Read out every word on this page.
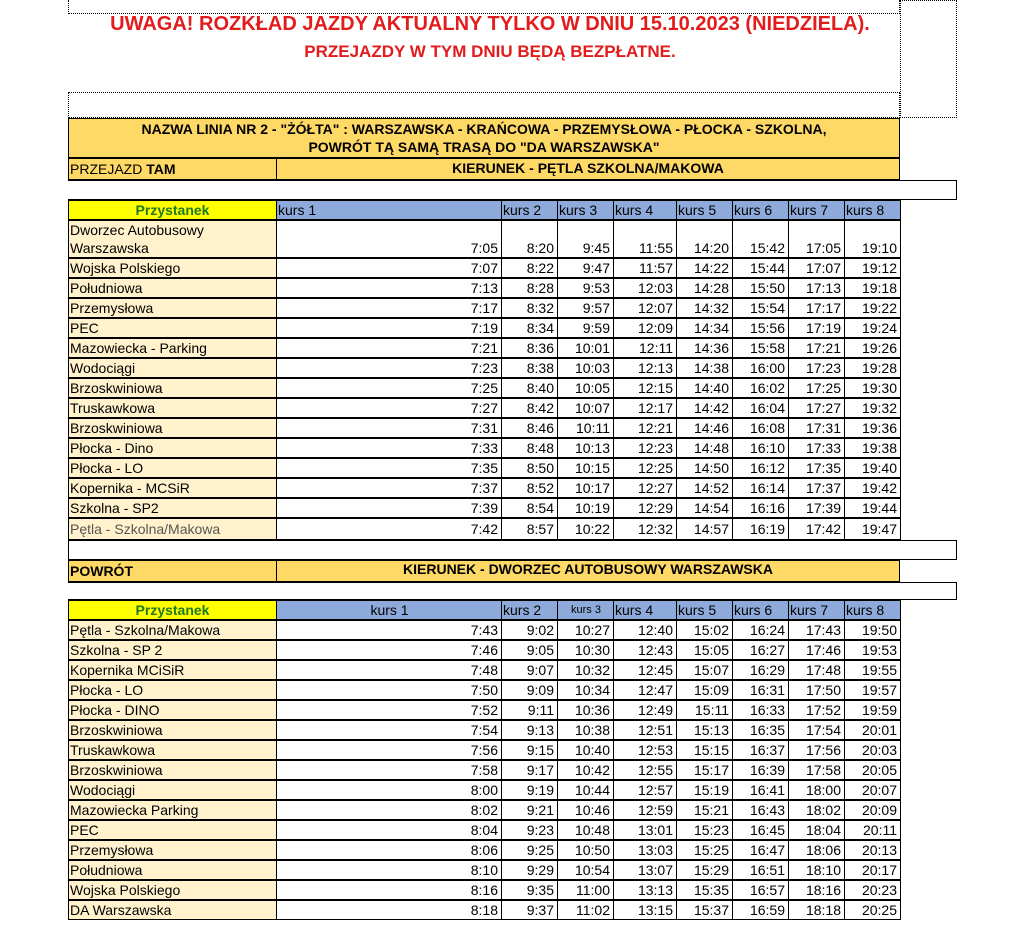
UWAGA! ROZKŁAD JAZDY AKTUALNY TYLKO W DNIU 15.10.2023 (NIEDZIELA).
PRZEJAZDY W TYM DNIU BĘDĄ BEZPŁATNE.
NAZWA LINIA NR 2 - "ŻÓŁTA" : WARSZAWSKA - KRAŃCOWA - PRZEMYSŁOWA - PŁOCKA - SZKOLNA, POWRÓT TĄ SAMĄ TRASĄ DO "DA WARSZAWSKA"
PRZEJAZD TAM	KIERUNEK - PĘTLA SZKOLNA/MAKOWA
Przystanek	kurs 1	kurs 2	kurs 3	kurs 4	kurs 5	kurs 6	kurs 7	kurs 8
Dworzec Autobusowy Warszawska	7:05	8:20	9:45	11:55	14:20	15:42	17:05	19:10
Wojska Polskiego	7:07	8:22	9:47	11:57	14:22	15:44	17:07	19:12
Południowa	7:13	8:28	9:53	12:03	14:28	15:50	17:13	19:18
Przemysłowa	7:17	8:32	9:57	12:07	14:32	15:54	17:17	19:22
PEC	7:19	8:34	9:59	12:09	14:34	15:56	17:19	19:24
Mazowiecka - Parking	7:21	8:36	10:01	12:11	14:36	15:58	17:21	19:26
Wodociągi	7:23	8:38	10:03	12:13	14:38	16:00	17:23	19:28
Brzoskwiniowa	7:25	8:40	10:05	12:15	14:40	16:02	17:25	19:30
Truskawkowa	7:27	8:42	10:07	12:17	14:42	16:04	17:27	19:32
Brzoskwiniowa	7:31	8:46	10:11	12:21	14:46	16:08	17:31	19:36
Płocka - Dino	7:33	8:48	10:13	12:23	14:48	16:10	17:33	19:38
Płocka - LO	7:35	8:50	10:15	12:25	14:50	16:12	17:35	19:40
Kopernika - MCSiR	7:37	8:52	10:17	12:27	14:52	16:14	17:37	19:42
Szkolna - SP2	7:39	8:54	10:19	12:29	14:54	16:16	17:39	19:44
Pętla - Szkolna/Makowa	7:42	8:57	10:22	12:32	14:57	16:19	17:42	19:47
POWRÓT	KIERUNEK - DWORZEC AUTOBUSOWY WARSZAWSKA
Przystanek	kurs 1	kurs 2	kurs 3	kurs 4	kurs 5	kurs 6	kurs 7	kurs 8
Pętla - Szkolna/Makowa	7:43	9:02	10:27	12:40	15:02	16:24	17:43	19:50
Szkolna - SP 2	7:46	9:05	10:30	12:43	15:05	16:27	17:46	19:53
Kopernika MCiSiR	7:48	9:07	10:32	12:45	15:07	16:29	17:48	19:55
Płocka - LO	7:50	9:09	10:34	12:47	15:09	16:31	17:50	19:57
Płocka - DINO	7:52	9:11	10:36	12:49	15:11	16:33	17:52	19:59
Brzoskwiniowa	7:54	9:13	10:38	12:51	15:13	16:35	17:54	20:01
Truskawkowa	7:56	9:15	10:40	12:53	15:15	16:37	17:56	20:03
Brzoskwiniowa	7:58	9:17	10:42	12:55	15:17	16:39	17:58	20:05
Wodociągi	8:00	9:19	10:44	12:57	15:19	16:41	18:00	20:07
Mazowiecka Parking	8:02	9:21	10:46	12:59	15:21	16:43	18:02	20:09
PEC	8:04	9:23	10:48	13:01	15:23	16:45	18:04	20:11
Przemysłowa	8:06	9:25	10:50	13:03	15:25	16:47	18:06	20:13
Południowa	8:10	9:29	10:54	13:07	15:29	16:51	18:10	20:17
Wojska Polskiego	8:16	9:35	11:00	13:13	15:35	16:57	18:16	20:23
DA Warszawska	8:18	9:37	11:02	13:15	15:37	16:59	18:18	20:25
